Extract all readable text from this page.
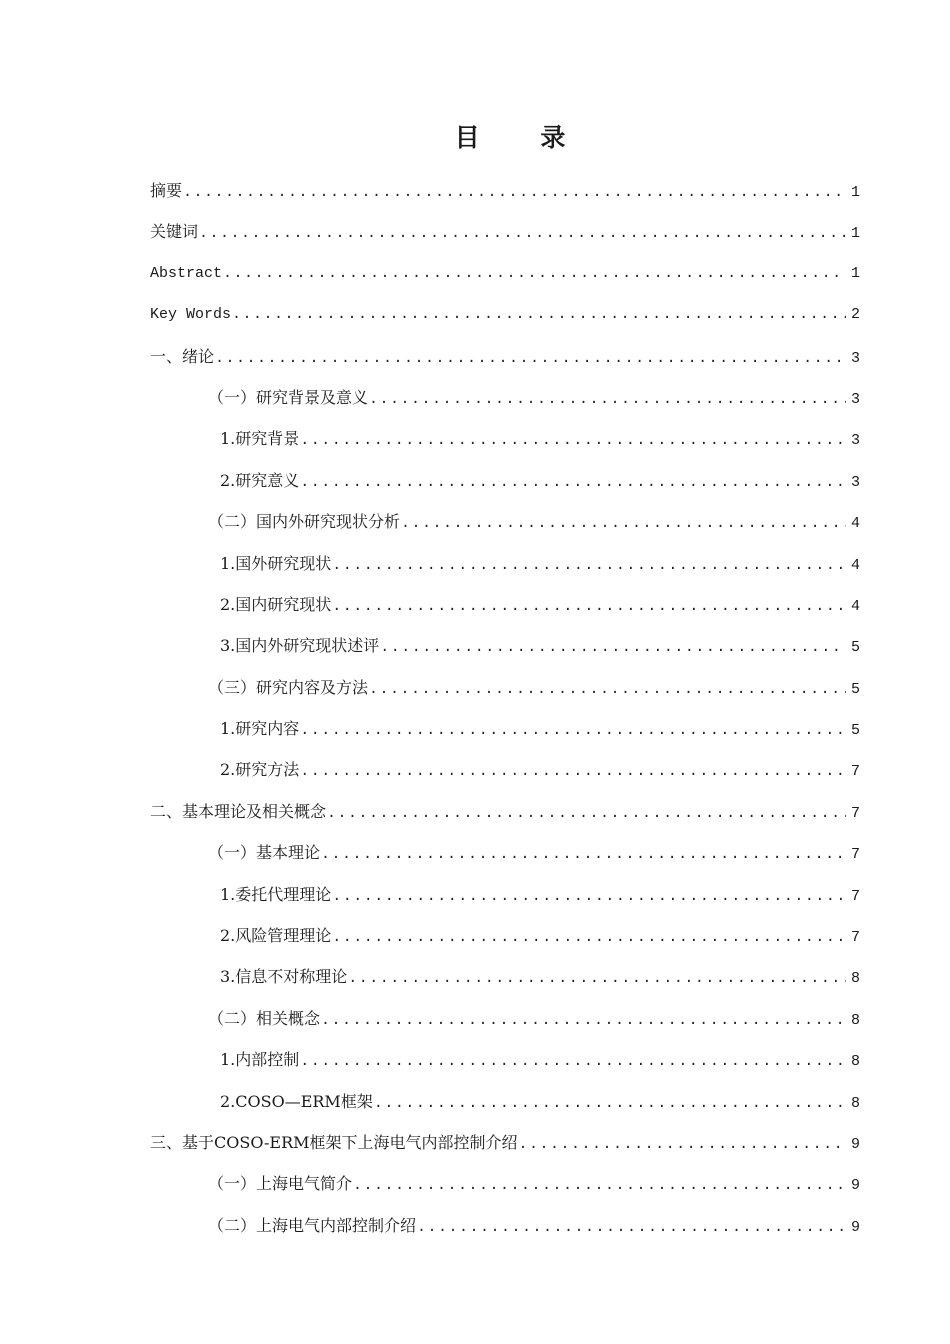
目 录
摘要 .....	1
关键词 .....	1
Abstract .....	1
Key Words .....	2
一、绪论 .....	3
（一）研究背景及意义 .....	3
1.研究背景 .....	3
2.研究意义 .....	3
（二）国内外研究现状分析 .....	4
1.国外研究现状 .....	4
2.国内研究现状 .....	4
3.国内外研究现状述评 .....	5
（三）研究内容及方法 .....	5
1.研究内容 .....	5
2.研究方法 .....	7
二、基本理论及相关概念 .....	7
（一）基本理论 .....	7
1.委托代理理论 .....	7
2.风险管理理论 .....	7
3.信息不对称理论 .....	8
（二）相关概念 .....	8
1.内部控制 .....	8
2.COSO—ERM框架 .....	8
三、基于COSO-ERM框架下上海电气内部控制介绍 .....	9
（一）上海电气简介 .....	9
（二）上海电气内部控制介绍 .....	9
